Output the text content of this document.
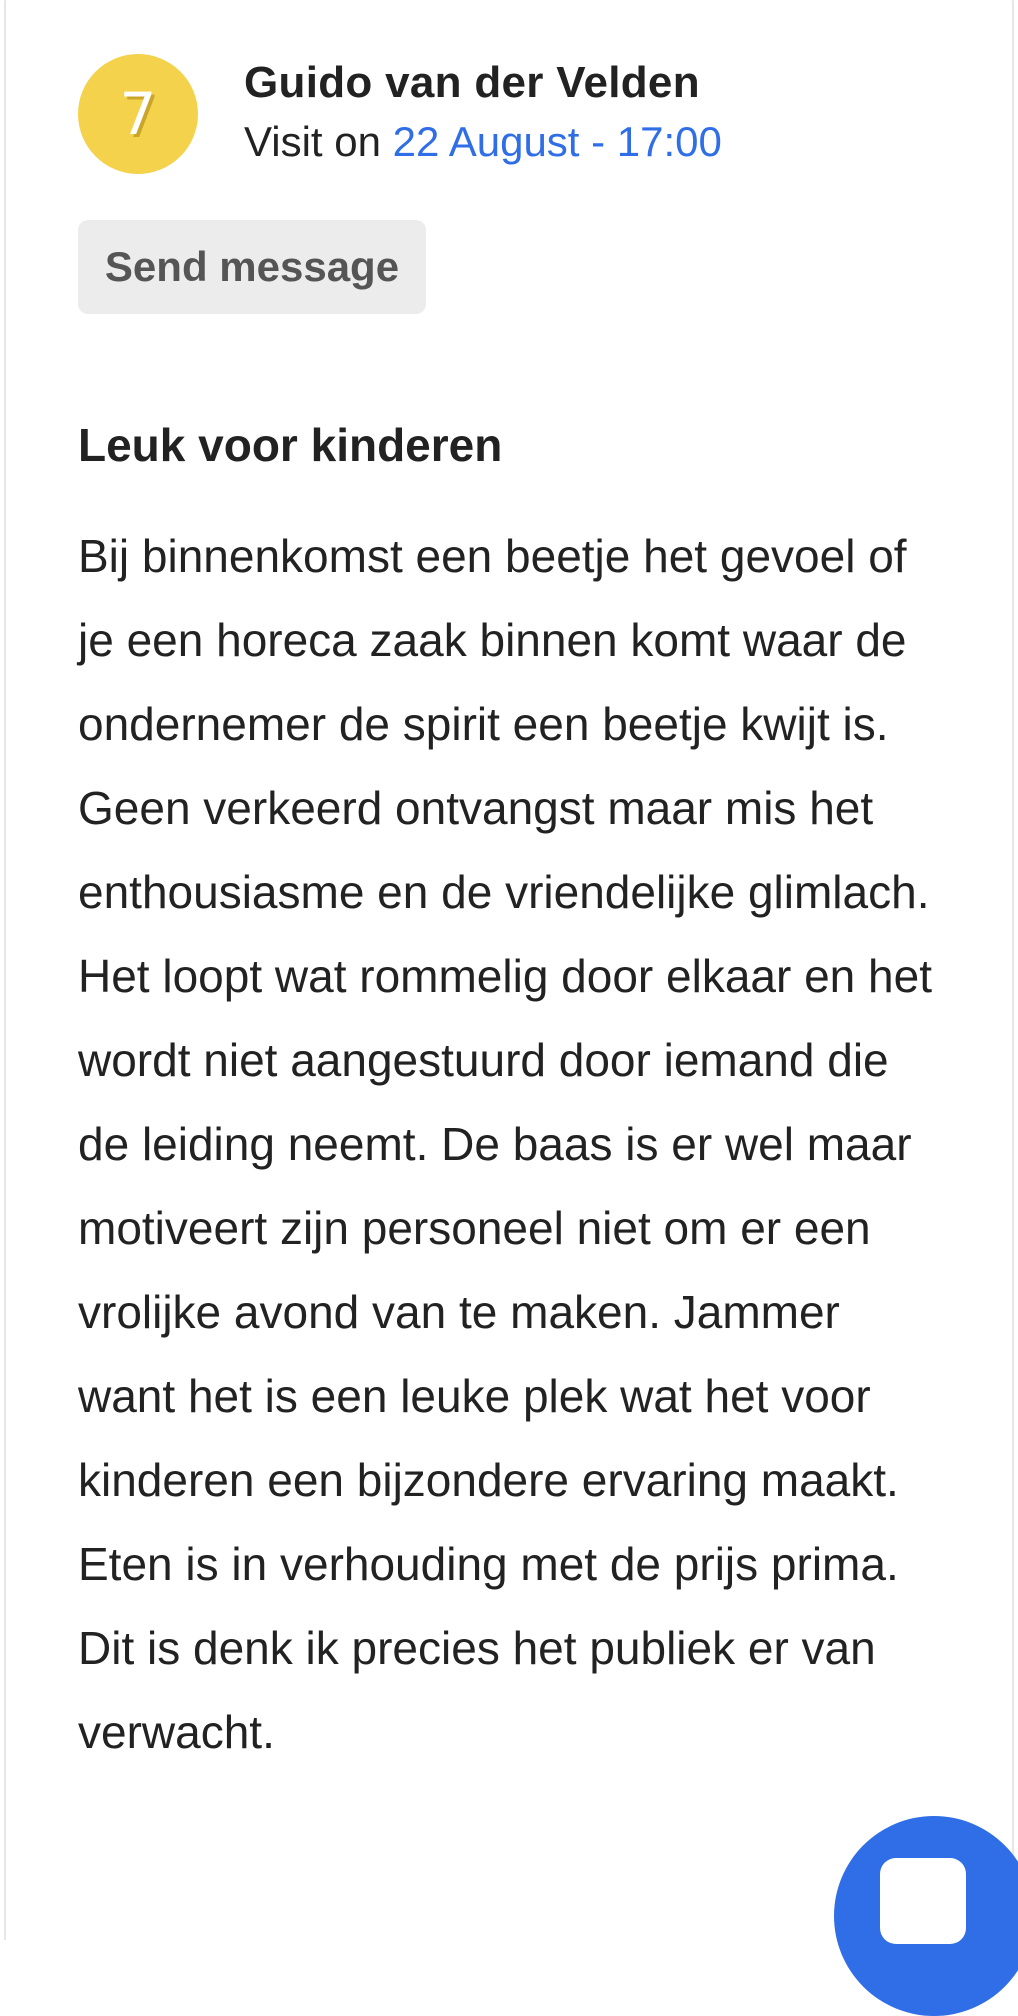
7 Guido van der Velden
Visit on 22 August - 17:00
Send message
Leuk voor kinderen

Bij binnenkomst een beetje het gevoel of je een horeca zaak binnen komt waar de ondernemer de spirit een beetje kwijt is. Geen verkeerd ontvangst maar mis het enthousiasme en de vriendelijke glimlach. Het loopt wat rommelig door elkaar en het wordt niet aangestuurd door iemand die de leiding neemt. De baas is er wel maar motiveert zijn personeel niet om er een vrolijke avond van te maken. Jammer want het is een leuke plek wat het voor kinderen een bijzondere ervaring maakt. Eten is in verhouding met de prijs prima. Dit is denk ik precies het publiek er van verwacht.
